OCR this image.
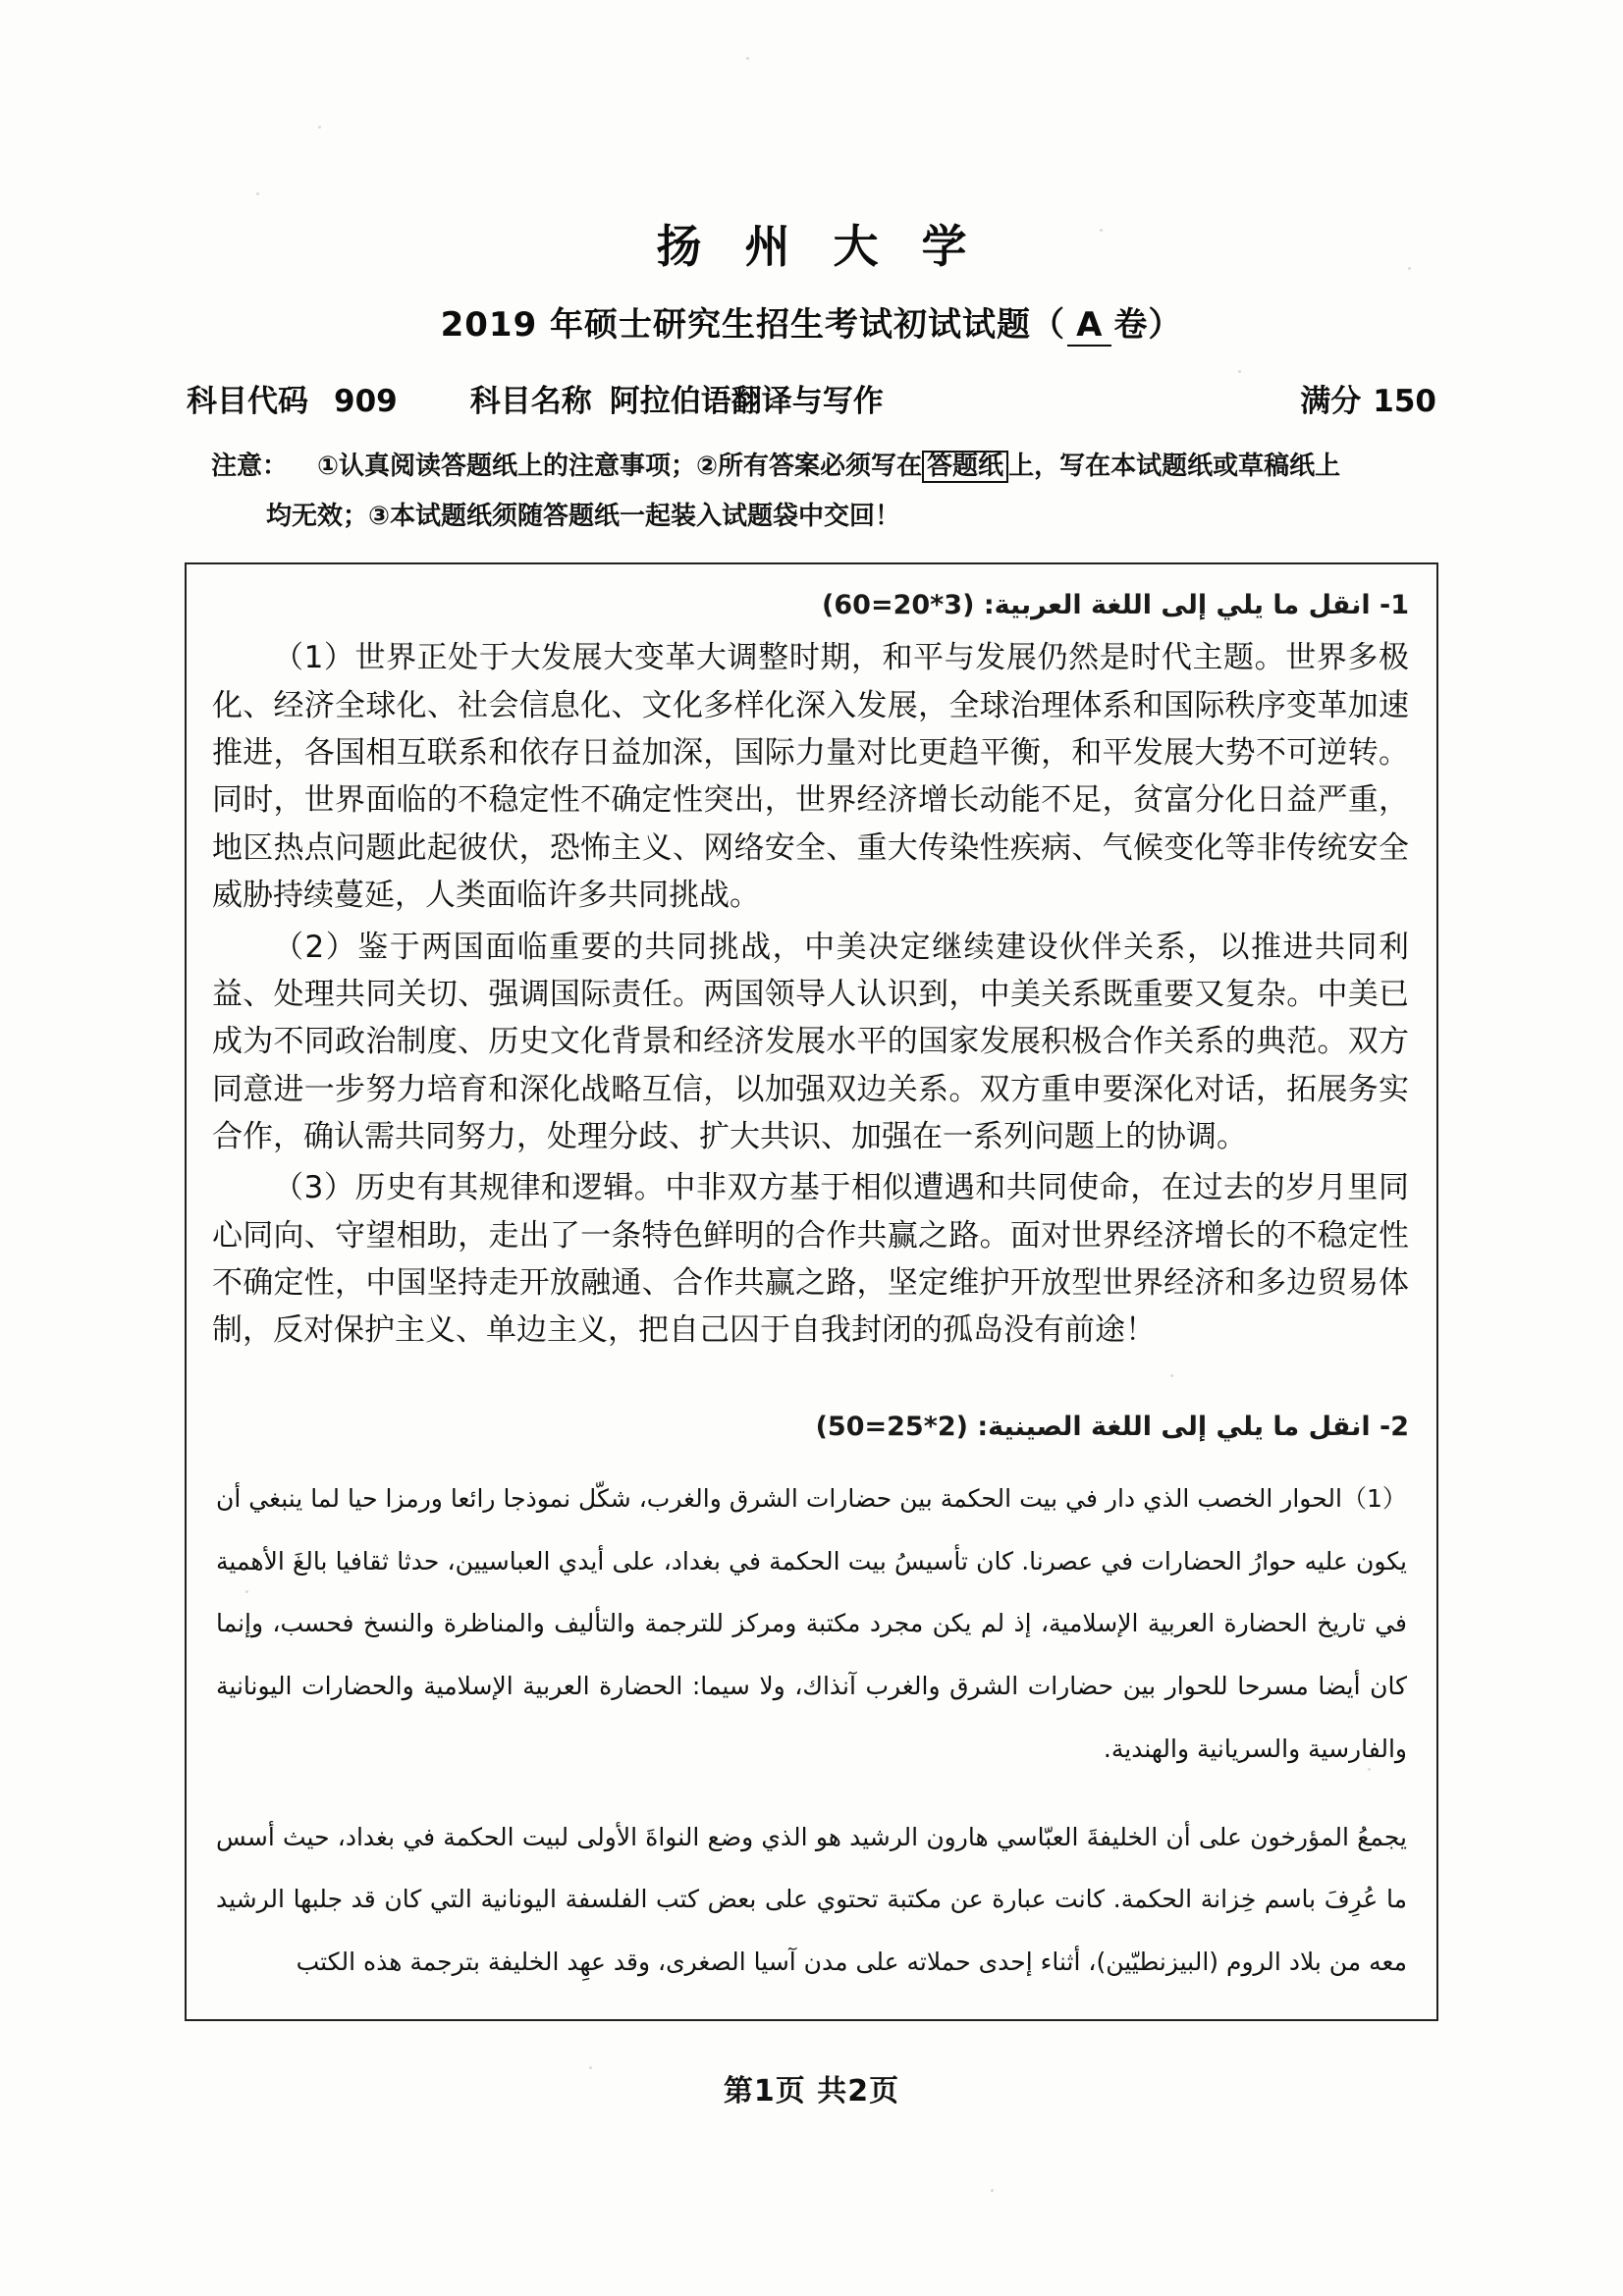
扬 州 大 学
2019 年硕士研究生招生考试初试试题（ A 卷）
科目代码 909 科目名称 阿拉伯语翻译与写作	满分 150
注意： ①认真阅读答题纸上的注意事项；②所有答案必须写在 答题纸 上，写在本试题纸或草稿纸上
均无效；③本试题纸须随答题纸一起装入试题袋中交回！
1- انقل ما يلي إلى اللغة العربية: (3*20=60)
（1）世界正处于大发展大变革大调整时期，和平与发展仍然是时代主题。世界多极化、经济全球化、社会信息化、文化多样化深入发展，全球治理体系和国际秩序变革加速推进，各国相互联系和依存日益加深，国际力量对比更趋平衡，和平发展大势不可逆转。同时，世界面临的不稳定性不确定性突出，世界经济增长动能不足，贫富分化日益严重，地区热点问题此起彼伏，恐怖主义、网络安全、重大传染性疾病、气候变化等非传统安全威胁持续蔓延，人类面临许多共同挑战。
（2）鉴于两国面临重要的共同挑战，中美决定继续建设伙伴关系，以推进共同利益、处理共同关切、强调国际责任。两国领导人认识到，中美关系既重要又复杂。中美已成为不同政治制度、历史文化背景和经济发展水平的国家发展积极合作关系的典范。双方同意进一步努力培育和深化战略互信，以加强双边关系。双方重申要深化对话，拓展务实合作，确认需共同努力，处理分歧、扩大共识、加强在一系列问题上的协调。
（3）历史有其规律和逻辑。中非双方基于相似遭遇和共同使命，在过去的岁月里同心同向、守望相助，走出了一条特色鲜明的合作共赢之路。面对世界经济增长的不稳定性不确定性，中国坚持走开放融通、合作共赢之路，坚定维护开放型世界经济和多边贸易体制，反对保护主义、单边主义，把自己囚于自我封闭的孤岛没有前途！
2- انقل ما يلي إلى اللغة الصينية: (2*25=50)
（1）الحوار الخصب الذي دار في بيت الحكمة بين حضارات الشرق والغرب، شكّل نموذجا رائعا ورمزا حيا لما ينبغي أن يكون عليه حوارُ الحضارات في عصرنا. كان تأسيسُ بيت الحكمة في بغداد، على أيدي العباسيين، حدثا ثقافيا بالغَ الأهمية في تاريخ الحضارة العربية الإسلامية، إذ لم يكن مجرد مكتبة ومركز للترجمة والتأليف والمناظرة والنسخ فحسب، وإنما كان أيضا مسرحا للحوار بين حضارات الشرق والغرب آنذاك، ولا سيما: الحضارة العربية الإسلامية والحضارات اليونانية والفارسية والسريانية والهندية.
يجمعُ المؤرخون على أن الخليفةَ العبّاسي هارون الرشيد هو الذي وضع النواةَ الأولى لبيت الحكمة في بغداد، حيث أسس ما عُرِفَ باسم خِزانة الحكمة. كانت عبارة عن مكتبة تحتوي على بعض كتب الفلسفة اليونانية التي كان قد جلبها الرشيد معه من بلاد الروم (البيزنطيّين)، أثناء إحدى حملاته على مدن آسيا الصغرى، وقد عهِد الخليفة بترجمة هذه الكتب
第1页 共2页
